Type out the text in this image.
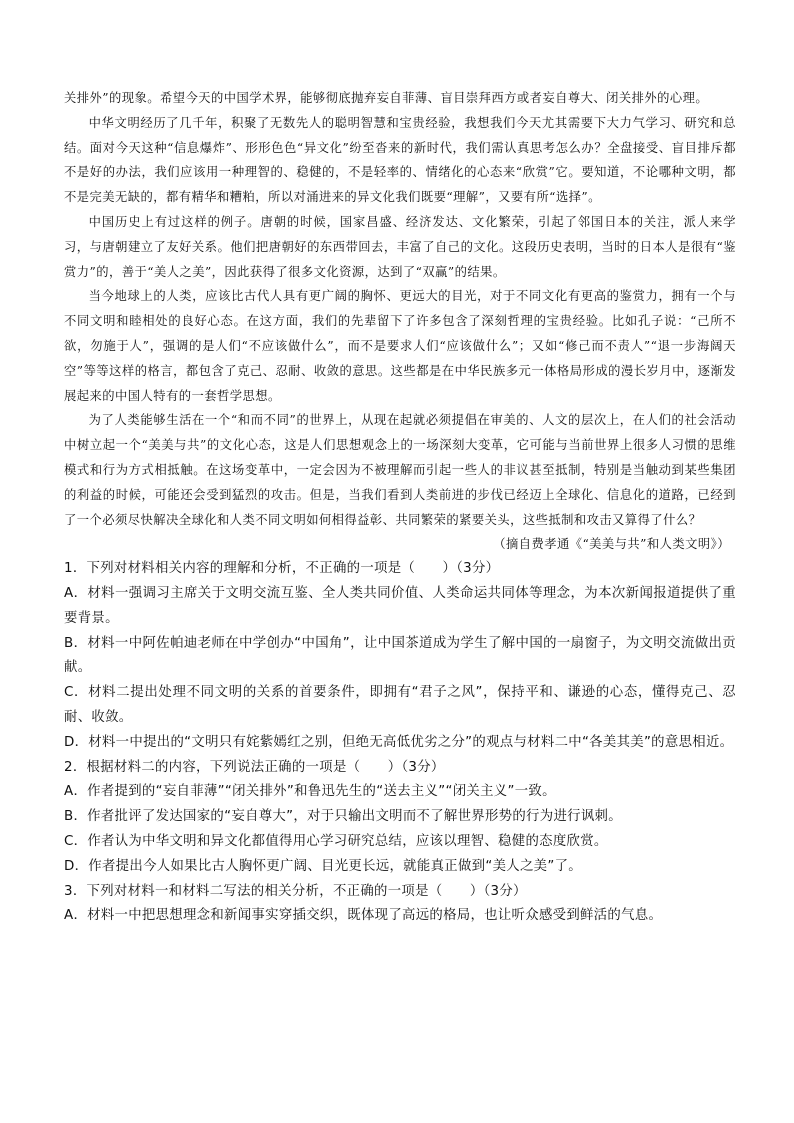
关排外”的现象。希望今天的中国学术界，能够彻底抛弃妄自菲薄、盲目崇拜西方或者妄自尊大、闭关排外的心理。

中华文明经历了几千年，积聚了无数先人的聪明智慧和宝贵经验，我想我们今天尤其需要下大力气学习、研究和总结。面对今天这种“信息爆炸”、形形色色“异文化”纷至沓来的新时代，我们需认真思考怎么办？全盘接受、盲目排斥都不是好的办法，我们应该用一种理智的、稳健的，不是轻率的、情绪化的心态来“欣赏”它。要知道，不论哪种文明，都不是完美无缺的，都有精华和糟粕，所以对涌进来的异文化我们既要“理解”，又要有所“选择”。

中国历史上有过这样的例子。唐朝的时候，国家昌盛、经济发达、文化繁荣，引起了邻国日本的关注，派人来学习，与唐朝建立了友好关系。他们把唐朝好的东西带回去，丰富了自己的文化。这段历史表明，当时的日本人是很有“鉴赏力”的，善于“美人之美”，因此获得了很多文化资源，达到了“双赢”的结果。

当今地球上的人类，应该比古代人具有更广阔的胸怀、更远大的目光，对于不同文化有更高的鉴赏力，拥有一个与不同文明和睦相处的良好心态。在这方面，我们的先辈留下了许多包含了深刻哲理的宝贵经验。比如孔子说：“己所不欲，勿施于人”，强调的是人们“不应该做什么”，而不是要求人们“应该做什么”；又如“修己而不责人”“退一步海阔天空”等等这样的格言，都包含了克己、忍耐、收敛的意思。这些都是在中华民族多元一体格局形成的漫长岁月中，逐渐发展起来的中国人特有的一套哲学思想。

为了人类能够生活在一个“和而不同”的世界上，从现在起就必须提倡在审美的、人文的层次上，在人们的社会活动中树立起一个“美美与共”的文化心态，这是人们思想观念上的一场深刻大变革，它可能与当前世界上很多人习惯的思维模式和行为方式相抵触。在这场变革中，一定会因为不被理解而引起一些人的非议甚至抵制，特别是当触动到某些集团的利益的时候，可能还会受到猛烈的攻击。但是，当我们看到人类前进的步伐已经迈上全球化、信息化的道路，已经到了一个必须尽快解决全球化和人类不同文明如何相得益彰、共同繁荣的紧要关头，这些抵制和攻击又算得了什么？

（摘自费孝通《“美美与共”和人类文明》）

1．下列对材料相关内容的理解和分析，不正确的一项是（　　）（3分）

A．材料一强调习主席关于文明交流互鉴、全人类共同价值、人类命运共同体等理念，为本次新闻报道提供了重要背景。

B．材料一中阿佐帕迪老师在中学创办“中国角”，让中国茶道成为学生了解中国的一扇窗子，为文明交流做出贡献。

C．材料二提出处理不同文明的关系的首要条件，即拥有“君子之风”，保持平和、谦逊的心态，懂得克己、忍耐、收敛。

D．材料一中提出的“文明只有姹紫嫣红之别，但绝无高低优劣之分”的观点与材料二中“各美其美”的意思相近。

2．根据材料二的内容，下列说法正确的一项是（　　）（3分）

A．作者提到的“妄自菲薄”“闭关排外”和鲁迅先生的“送去主义”“闭关主义”一致。

B．作者批评了发达国家的“妄自尊大”，对于只输出文明而不了解世界形势的行为进行讽刺。

C．作者认为中华文明和异文化都值得用心学习研究总结，应该以理智、稳健的态度欣赏。

D．作者提出今人如果比古人胸怀更广阔、目光更长远，就能真正做到“美人之美”了。

3．下列对材料一和材料二写法的相关分析，不正确的一项是（　　）（3分）

A．材料一中把思想理念和新闻事实穿插交织，既体现了高远的格局，也让听众感受到鲜活的气息。
